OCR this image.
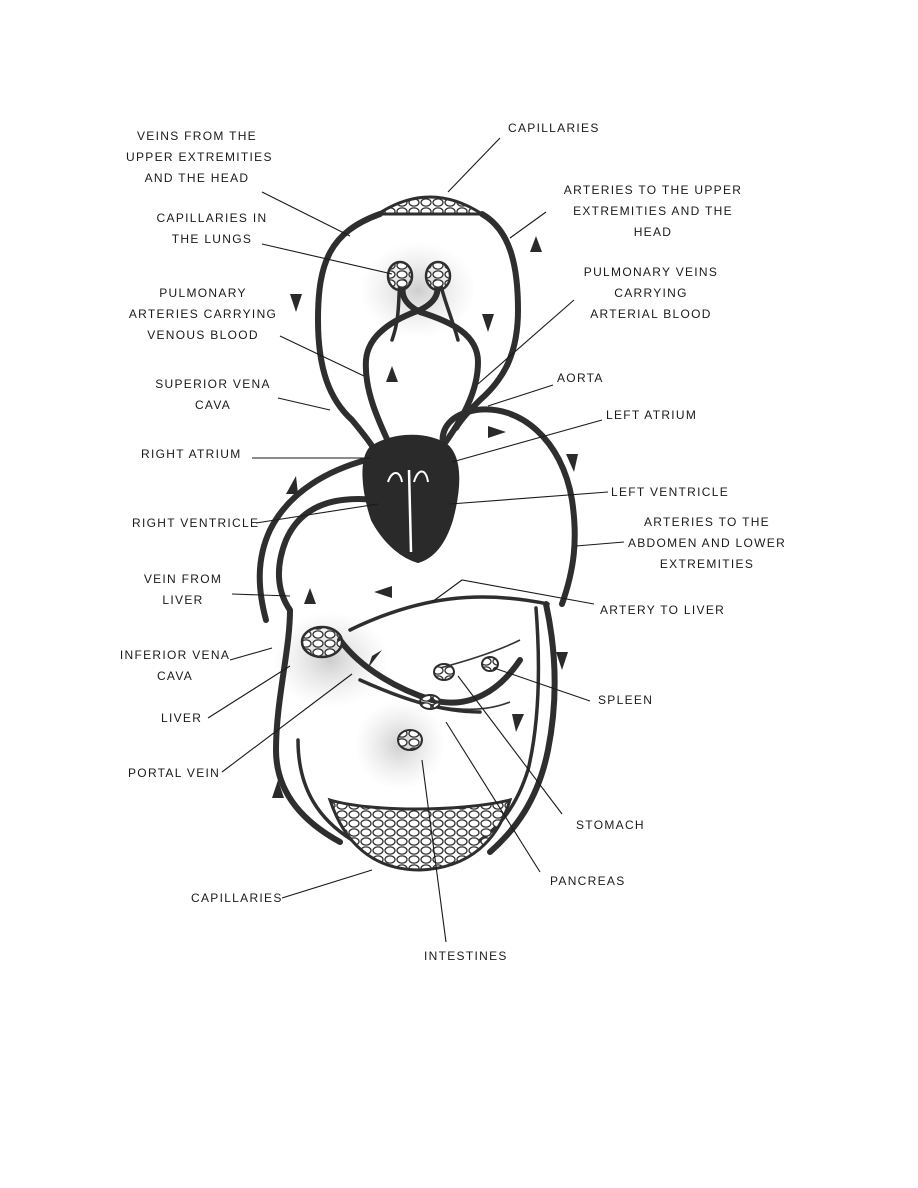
CAPILLARIES
VEINS FROM THE
UPPER EXTREMITIES
AND THE HEAD
ARTERIES TO THE UPPER
EXTREMITIES AND THE
HEAD
CAPILLARIES IN
THE LUNGS
PULMONARY VEINS
CARRYING
ARTERIAL BLOOD
PULMONARY
ARTERIES CARRYING
VENOUS BLOOD
AORTA
SUPERIOR VENA
CAVA
LEFT ATRIUM
RIGHT ATRIUM
LEFT VENTRICLE
RIGHT VENTRICLE	ARTERIES TO THE
ABDOMEN AND LOWER
EXTREMITIES
VEIN FROM
LIVER
ARTERY TO LIVER
INFERIOR VENA
CAVA
SPLEEN
LIVER
PORTAL VEIN
STOMACH
PANCREAS
CAPILLARIES
INTESTINES
